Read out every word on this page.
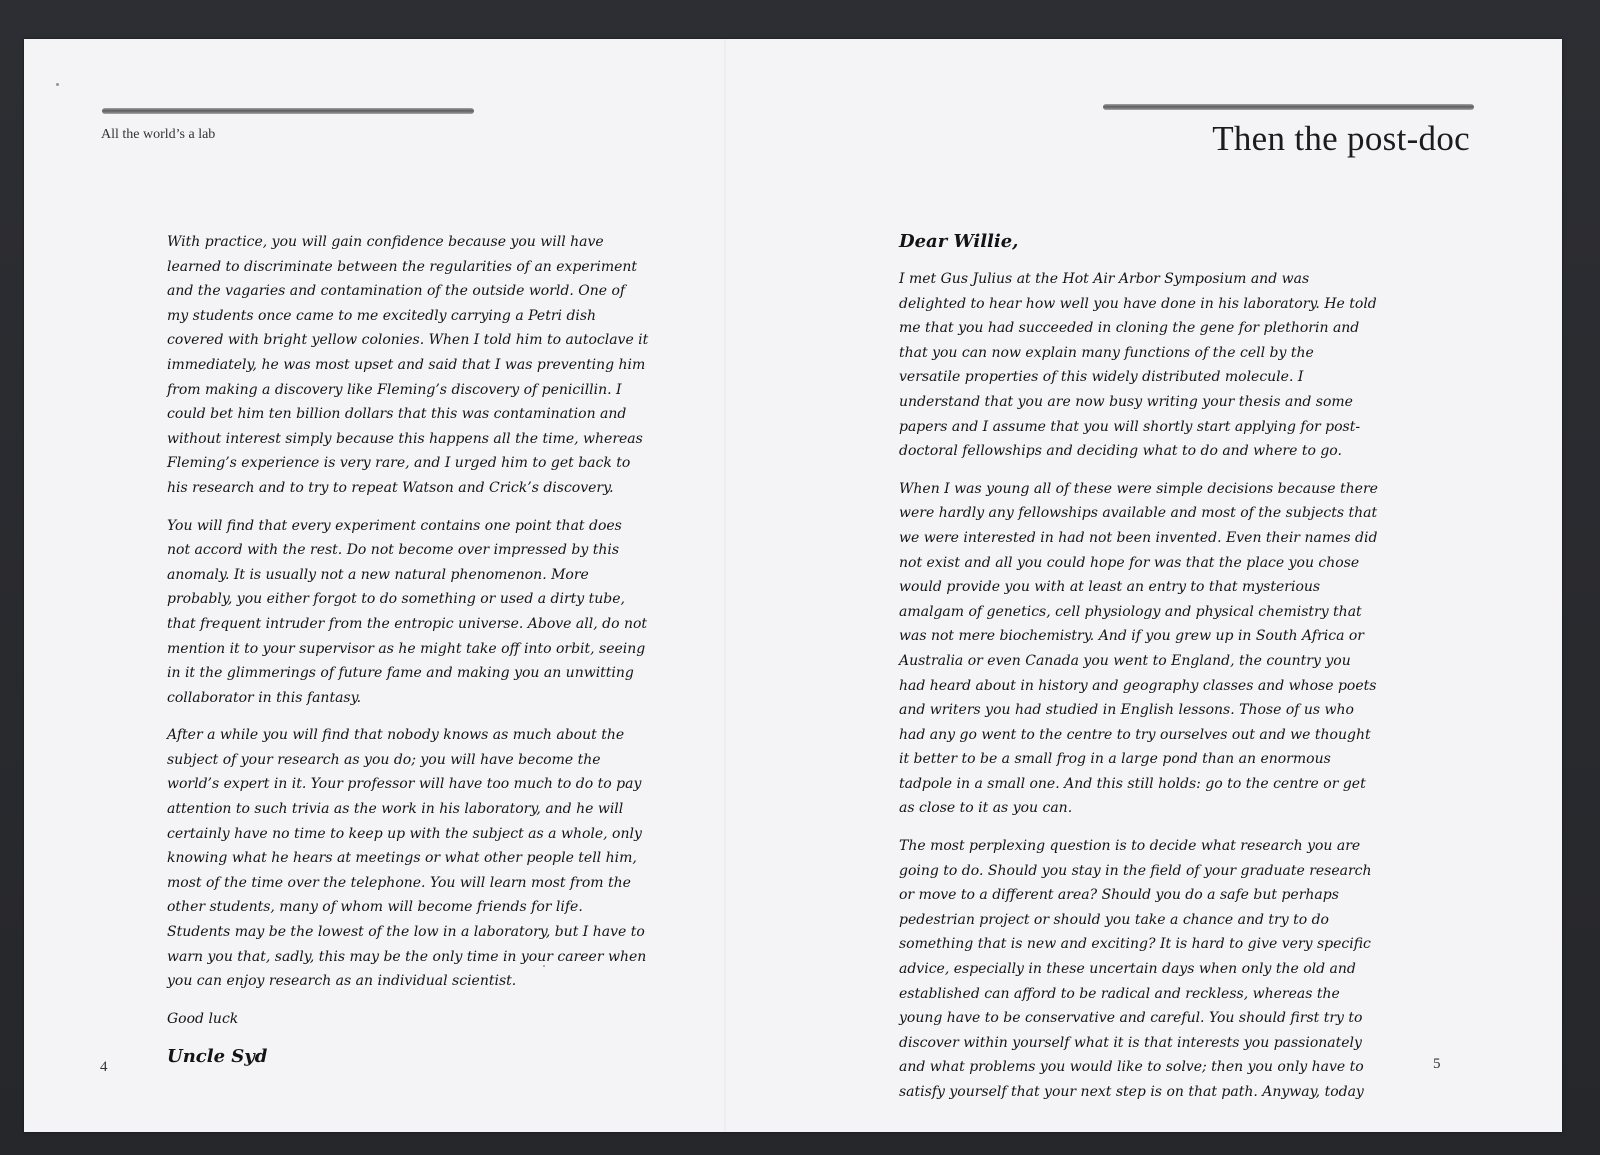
All the world’s a lab	Then the post-doc

With practice, you will gain confidence because you will have learned to discriminate between the regularities of an experiment and the vagaries and contamination of the outside world. One of my students once came to me excitedly carrying a Petri dish covered with bright yellow colonies. When I told him to autoclave it immediately, he was most upset and said that I was preventing him from making a discovery like Fleming’s discovery of penicillin. I could bet him ten billion dollars that this was contamination and without interest simply because this happens all the time, whereas Fleming’s experience is very rare, and I urged him to get back to his research and to try to repeat Watson and Crick’s discovery.

You will find that every experiment contains one point that does not accord with the rest. Do not become over impressed by this anomaly. It is usually not a new natural phenomenon. More probably, you either forgot to do something or used a dirty tube, that frequent intruder from the entropic universe. Above all, do not mention it to your supervisor as he might take off into orbit, seeing in it the glimmerings of future fame and making you an unwitting collaborator in this fantasy.

After a while you will find that nobody knows as much about the subject of your research as you do; you will have become the world’s expert in it. Your professor will have too much to do to pay attention to such trivia as the work in his laboratory, and he will certainly have no time to keep up with the subject as a whole, only knowing what he hears at meetings or what other people tell him, most of the time over the telephone. You will learn most from the other students, many of whom will become friends for life. Students may be the lowest of the low in a laboratory, but I have to warn you that, sadly, this may be the only time in your career when you can enjoy research as an individual scientist.

Good luck

Uncle Syd

Dear Willie,

I met Gus Julius at the Hot Air Arbor Symposium and was delighted to hear how well you have done in his laboratory. He told me that you had succeeded in cloning the gene for plethorin and that you can now explain many functions of the cell by the versatile properties of this widely distributed molecule. I understand that you are now busy writing your thesis and some papers and I assume that you will shortly start applying for post-doctoral fellowships and deciding what to do and where to go.

When I was young all of these were simple decisions because there were hardly any fellowships available and most of the subjects that we were interested in had not been invented. Even their names did not exist and all you could hope for was that the place you chose would provide you with at least an entry to that mysterious amalgam of genetics, cell physiology and physical chemistry that was not mere biochemistry. And if you grew up in South Africa or Australia or even Canada you went to England, the country you had heard about in history and geography classes and whose poets and writers you had studied in English lessons. Those of us who had any go went to the centre to try ourselves out and we thought it better to be a small frog in a large pond than an enormous tadpole in a small one. And this still holds: go to the centre or get as close to it as you can.

The most perplexing question is to decide what research you are going to do. Should you stay in the field of your graduate research or move to a different area? Should you do a safe but perhaps pedestrian project or should you take a chance and try to do something that is new and exciting? It is hard to give very specific advice, especially in these uncertain days when only the old and established can afford to be radical and reckless, whereas the young have to be conservative and careful. You should first try to discover within yourself what it is that interests you passionately and what problems you would like to solve; then you only have to satisfy yourself that your next step is on that path. Anyway, today

4	5
